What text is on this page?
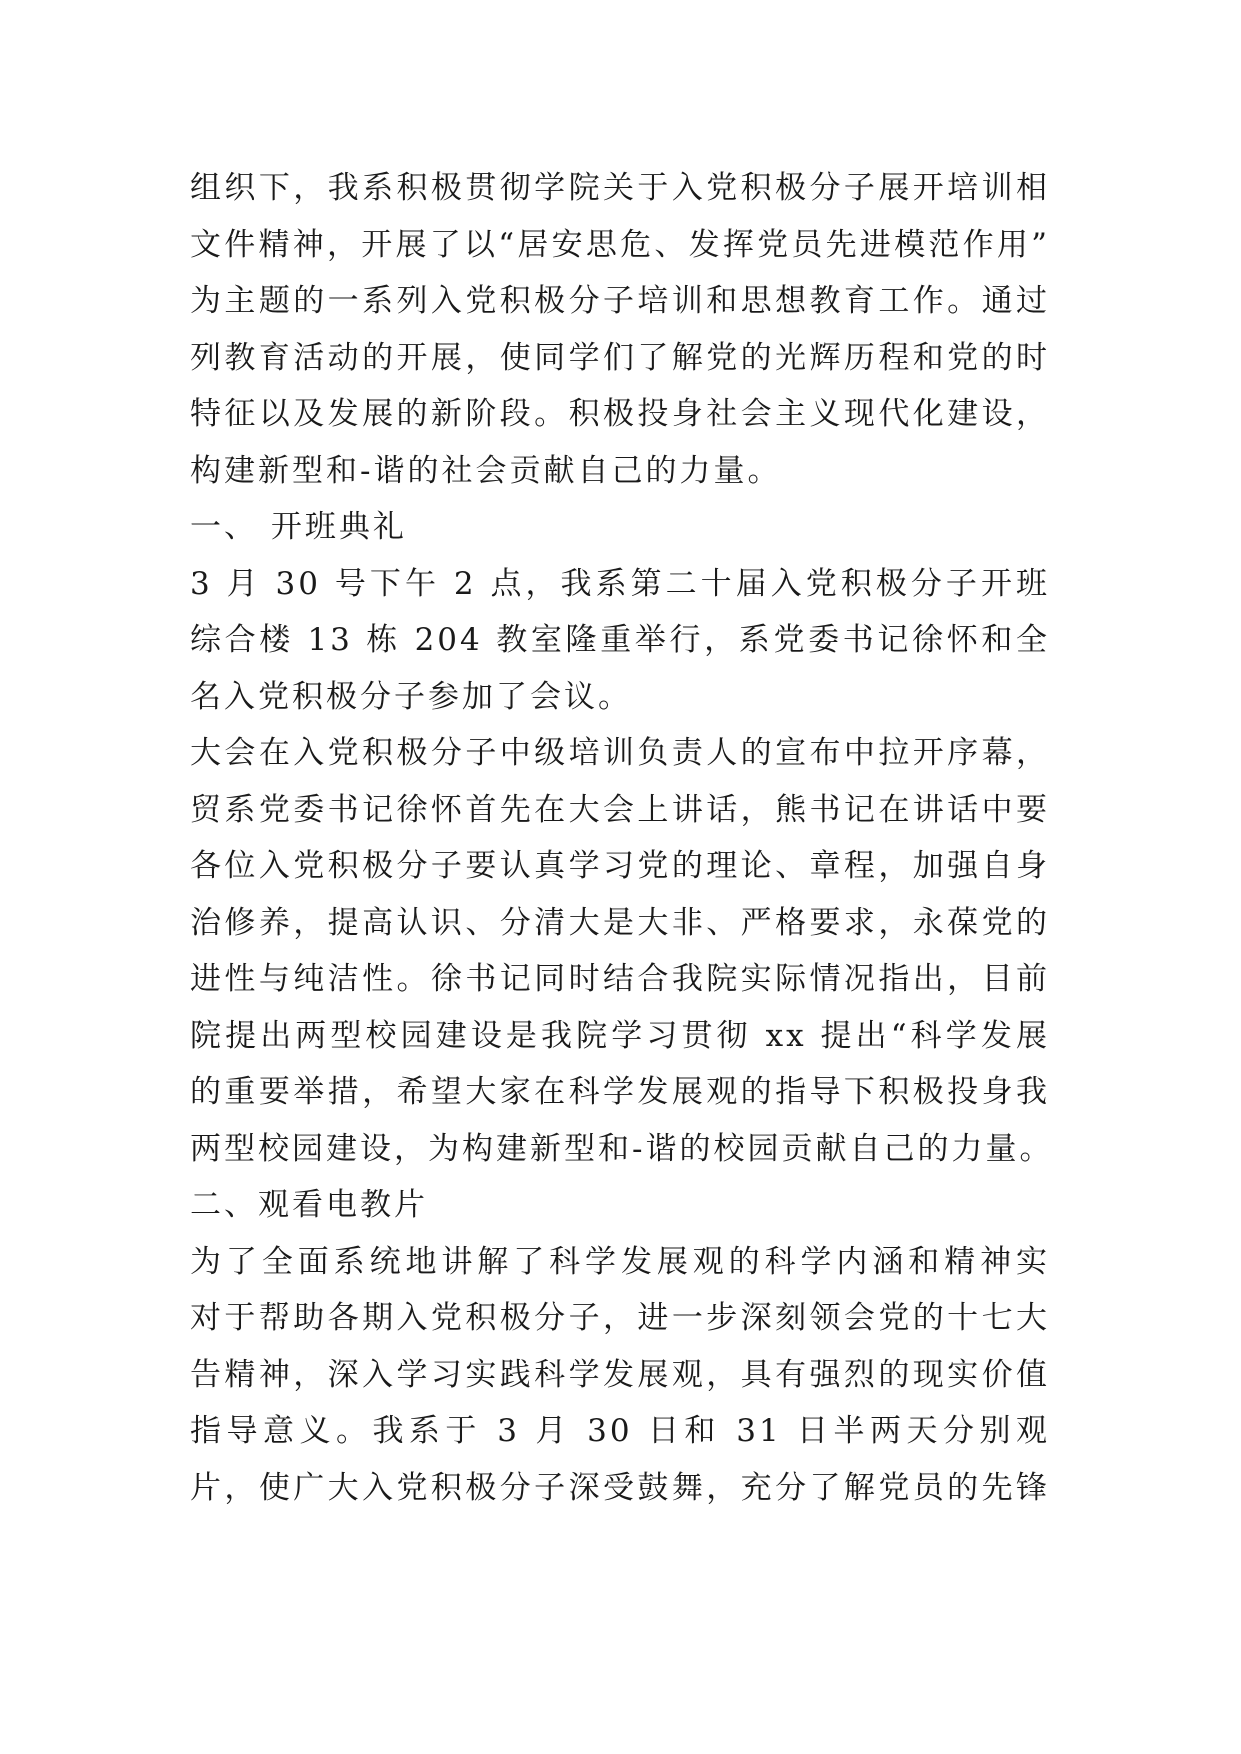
组织下，我系积极贯彻学院关于入党积极分子展开培训相
文件精神，开展了以“居安思危、发挥党员先进模范作用”
为主题的一系列入党积极分子培训和思想教育工作。通过
列教育活动的开展，使同学们了解党的光辉历程和党的时
特征以及发展的新阶段。积极投身社会主义现代化建设，
构建新型和-谐的社会贡献自己的力量。
一、 开班典礼
3 月 30 号下午 2 点，我系第二十届入党积极分子开班
综合楼 13 栋 204 教室隆重举行，系党委书记徐怀和全
名入党积极分子参加了会议。
大会在入党积极分子中级培训负责人的宣布中拉开序幕，
贸系党委书记徐怀首先在大会上讲话，熊书记在讲话中要
各位入党积极分子要认真学习党的理论、章程，加强自身
治修养，提高认识、分清大是大非、严格要求，永葆党的
进性与纯洁性。徐书记同时结合我院实际情况指出，目前
院提出两型校园建设是我院学习贯彻 xx 提出“科学发展
的重要举措，希望大家在科学发展观的指导下积极投身我
两型校园建设，为构建新型和-谐的校园贡献自己的力量。
二、观看电教片
为了全面系统地讲解了科学发展观的科学内涵和精神实
对于帮助各期入党积极分子，进一步深刻领会党的十七大
告精神，深入学习实践科学发展观，具有强烈的现实价值
指导意义。我系于 3 月 30 日和 31 日半两天分别观
片，使广大入党积极分子深受鼓舞，充分了解党员的先锋
